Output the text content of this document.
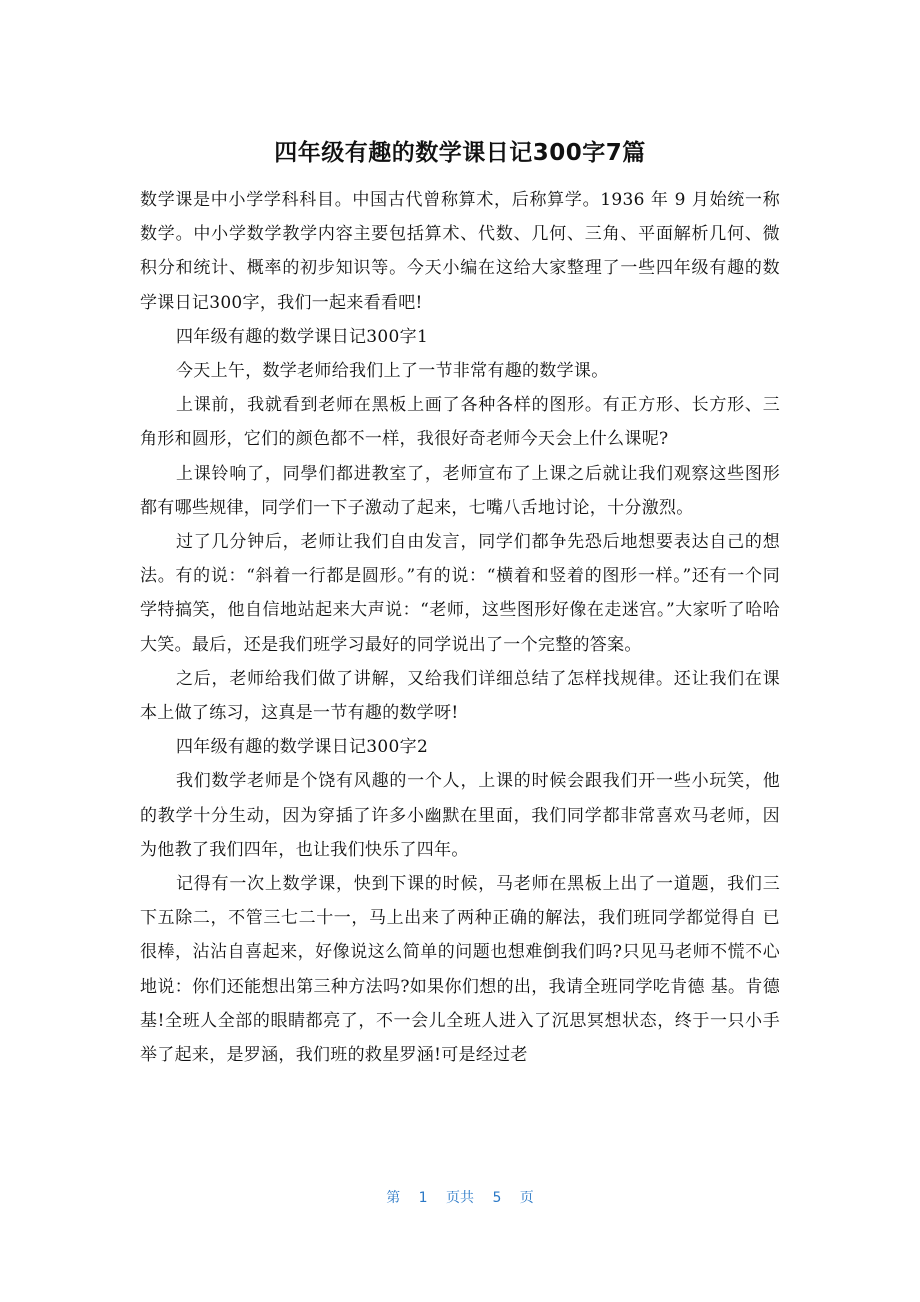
四年级有趣的数学课日记300字7篇

数学课是中小学学科科目。中国古代曾称算术，后称算学。1936 年 9 月始统一称数学。中小学数学教学内容主要包括算术、代数、几何、三角、平面解析几何、微积分和统计、概率的初步知识等。今天小编在这给大家整理了一些四年级有趣的数学课日记300字，我们一起来看看吧!

四年级有趣的数学课日记300字1

今天上午，数学老师给我们上了一节非常有趣的数学课。

上课前，我就看到老师在黑板上画了各种各样的图形。有正方形、长方形、三角形和圆形，它们的颜色都不一样，我很好奇老师今天会上什么课呢?

上课铃响了，同學们都进教室了，老师宣布了上课之后就让我们观察这些图形都有哪些规律，同学们一下子激动了起来，七嘴八舌地讨论，十分激烈。

过了几分钟后，老师让我们自由发言，同学们都争先恐后地想要表达自己的想法。有的说：“斜着一行都是圆形。”有的说：“横着和竖着的图形一样。”还有一个同学特搞笑，他自信地站起来大声说：“老师，这些图形好像在走迷宫。”大家听了哈哈大笑。最后，还是我们班学习最好的同学说出了一个完整的答案。

之后，老师给我们做了讲解，又给我们详细总结了怎样找规律。还让我们在课本上做了练习，这真是一节有趣的数学呀!

四年级有趣的数学课日记300字2

我们数学老师是个饶有风趣的一个人，上课的时候会跟我们开一些小玩笑，他的教学十分生动，因为穿插了许多小幽默在里面，我们同学都非常喜欢马老师，因为他教了我们四年，也让我们快乐了四年。

记得有一次上数学课，快到下课的时候，马老师在黑板上出了一道题，我们三下五除二，不管三七二十一，马上出来了两种正确的解法，我们班同学都觉得自 已很棒，沾沾自喜起来，好像说这么简单的问题也想难倒我们吗?只见马老师不慌不心地说：你们还能想出第三种方法吗?如果你们想的出，我请全班同学吃肯德 基。肯德基!全班人全部的眼睛都亮了，不一会儿全班人进入了沉思冥想状态，终于一只小手举了起来，是罗涵，我们班的救星罗涵!可是经过老

第 1 页共 5 页
